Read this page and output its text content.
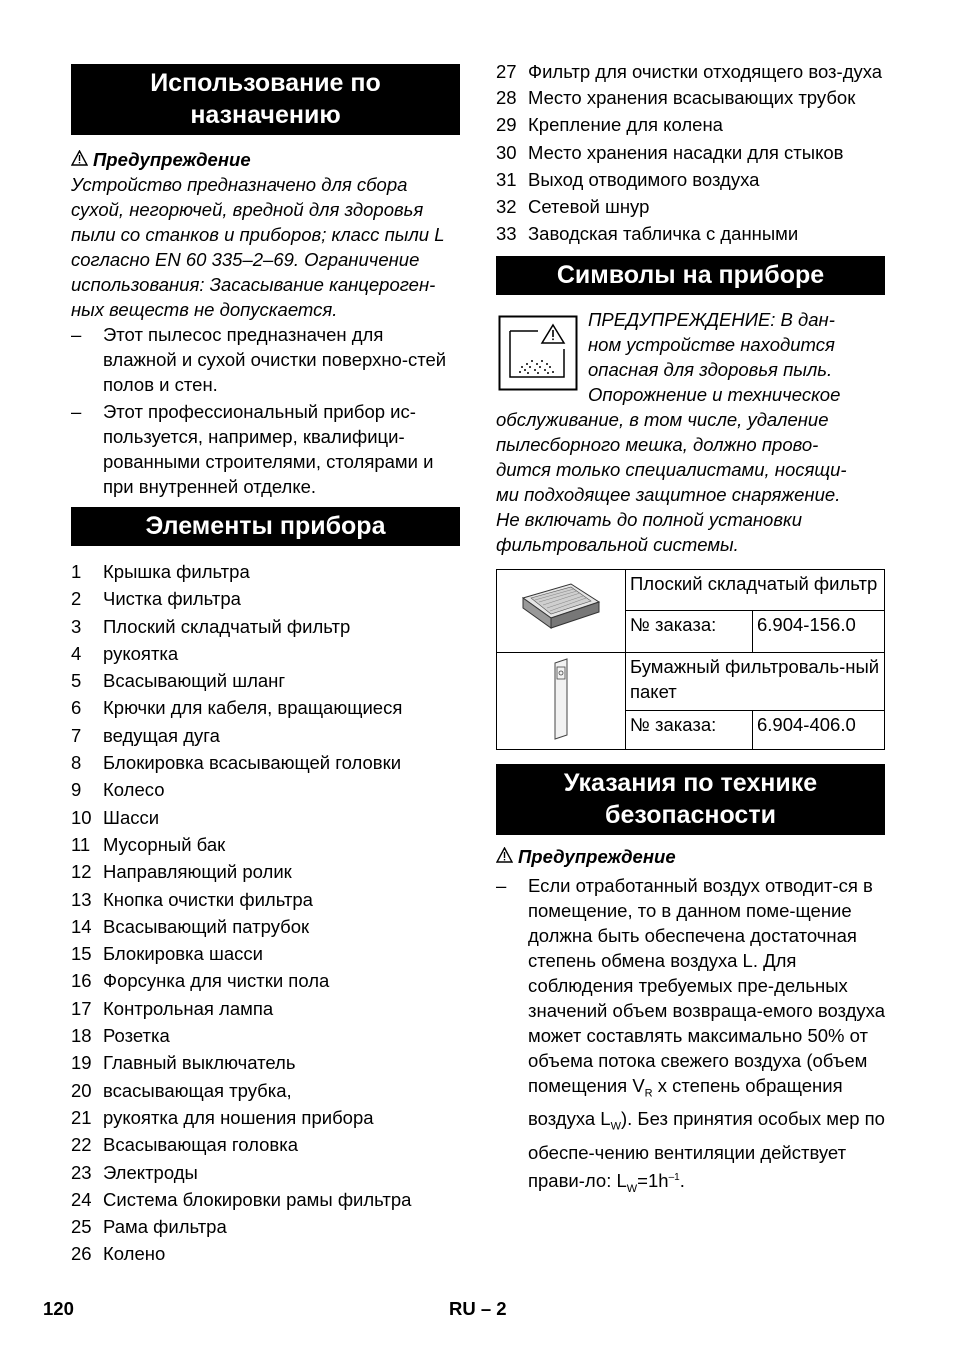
Использование по назначению
Предупреждение
Устройство предназначено для сбора сухой, негорючей, вредной для здоровья пыли со станков и приборов; класс пыли L согласно EN 60 335–2–69. Ограничение использования: Засасывание канцероген-ных веществ не допускается.
–	Этот пылесос предназначен для влажной и сухой очистки поверхно-стей полов и стен.
–	Этот профессиональный прибор ис-пользуется, например, квалифици-рованными строителями, столярами и при внутренней отделке.
Элементы прибора
1	Крышка фильтра
2	Чистка фильтра
3	Плоский складчатый фильтр
4	рукоятка
5	Всасывающий шланг
6	Крючки для кабеля, вращающиеся
7	ведущая дуга
8	Блокировка всасывающей головки
9	Колесо
10 Шасси
11 Мусорный бак
12 Направляющий ролик
13 Кнопка очистки фильтра
14 Всасывающий патрубок
15 Блокировка шасси
16 Форсунка для чистки пола
17 Контрольная лампа
18 Розетка
19 Главный выключатель
20 всасывающая трубка,
21 рукоятка для ношения прибора
22 Всасывающая головка
23 Электроды
24 Система блокировки рамы фильтра
25 Рама фильтра
26 Колено
27 Фильтр для очистки отходящего воз-духа
28 Место хранения всасывающих трубок
29 Крепление для колена
30 Место хранения насадки для стыков
31 Выход отводимого воздуха
32 Сетевой шнур
33 Заводская табличка с данными
Символы на приборе
ПРЕДУПРЕЖДЕНИЕ: В дан-
ном устройстве находится
опасная для здоровья пыль.
Опорожнение и техническое
обслуживание, в том числе, удаление
пылесборного мешка, должно прово-
дится только специалистами, носящи-
ми подходящее защитное снаряжение.
Не включать до полной установки
фильтровальной системы.
	Плоский складчатый фильтр	
	№ заказа:	6.904-156.0
	Бумажный фильтроваль-ный пакет	
	№ заказа:	6.904-406.0
Указания по технике безопасности
Предупреждение
–	Если отработанный воздух отводит-ся в помещение, то в данном поме-щение должна быть обеспечена достаточная степень обмена воздуха L. Для соблюдения требуемых пре-дельных значений объем возвраща-емого воздуха может составлять максимально 50% от объема потока свежего воздуха (объем помещения $V_R$ x степень обращения воздуха $L_W$). Без принятия особых мер по обеспе-чению вентиляции действует прави-ло: $L_W=1h^{-1}$.
120	RU – 2
